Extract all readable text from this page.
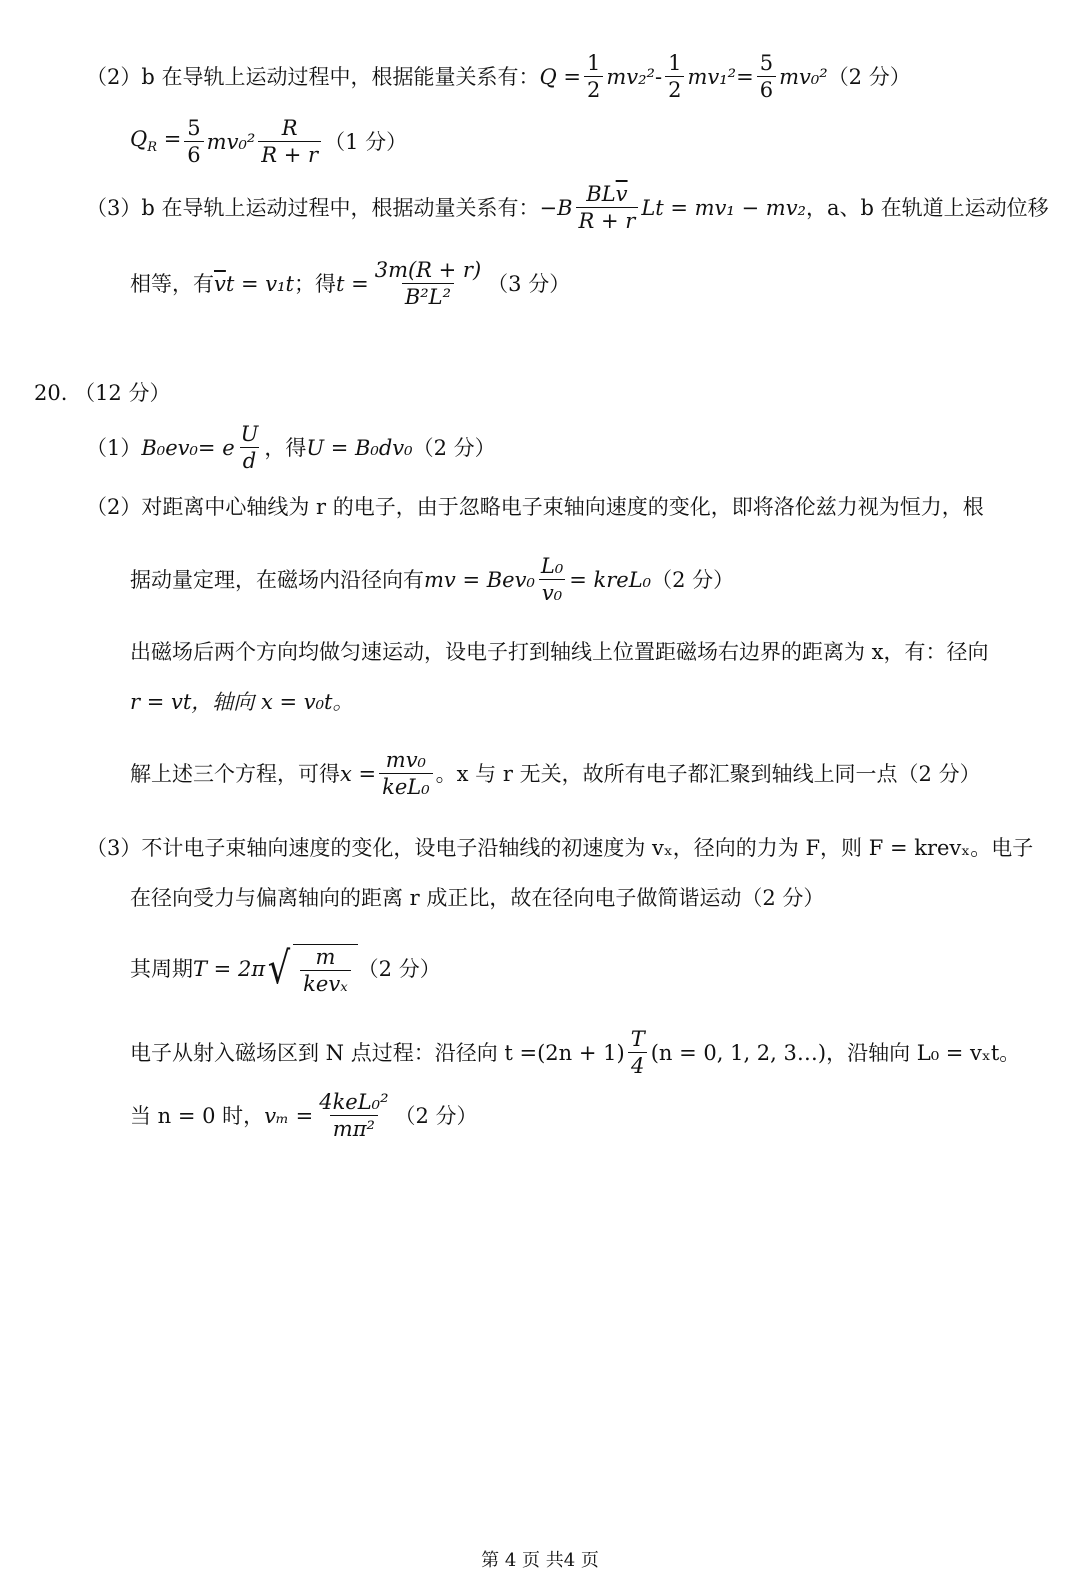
（2）b 在导轨上运动过程中，根据能量关系有： $Q = \frac{1}{2} mv_2^2$ -
1
2
$mv_1^2= \frac{5}{6} mv_0^2$ （2 分）
$Q_R = \frac{5}{6} mv_0^2$
R
R + r
（1 分）
（3）b 在导轨上运动过程中，根据动量关系有： −B
$BL\overline{v}$
R + r
Lt = mv₁ − mv₂ ，a、b 在轨道上运动位移
相等，有 $\overline{v}t = v_1t$ ；得 $t = \frac{3m(R + r)}{\text{B²L²}} (3$ 分）
20. （12 分）
（1） B₀ev₀= e
U
d
，得 U = B₀dv₀ （2 分）
（2）对距离中心轴线为 r 的电子，由于忽略电子束轴向速度的变化，即将洛伦兹力视为恒力，根
据动量定理，在磁场内沿径向有 mv = $Bev_0 \frac{\text{L₀}}{\text{v₀}}$ = kreL₀ （2 分）
出磁场后两个方向均做匀速运动，设电子打到轴线上位置距磁场右边界的距离为 x，有：径向
r = vt，轴向 x = v₀t。
解上述三个方程，可得 x =
mv₀
keL₀
。x 与 r 无关，故所有电子都汇聚到轴线上同一点（2 分）
（3）不计电子束轴向速度的变化，设电子沿轴线的初速度为 vₓ，径向的力为 F，则 F = krevₓ。电子
在径向受力与偏离轴向的距离 r 成正比，故在径向电子做简谐运动（2 分）
其周期 T = 2π √ m
kevₓ
（2 分）
电子从射入磁场区到 N 点过程：沿径向 t =(2n + 1)
T
4
(n = 0, 1, 2, 3…)，沿轴向 L₀ = vₓt。
当 n = 0 时， vₘ =
4keL₀²
mπ²
（2 分）
第 4 页 共4 页
